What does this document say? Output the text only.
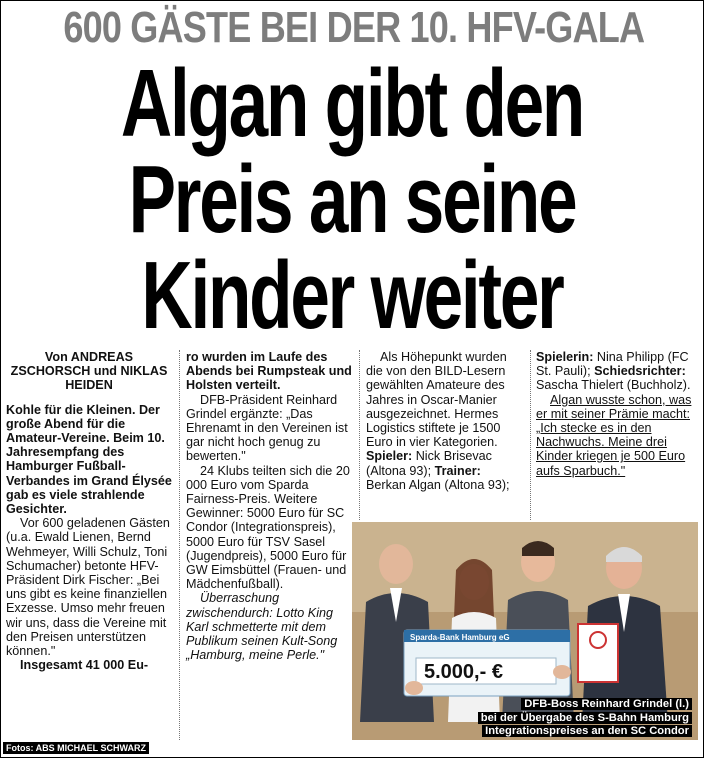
600 GÄSTE BEI DER 10. HFV-GALA
Algan gibt den
Preis an seine
Kinder weiter

Von ANDREAS ZSCHORSCH und NIKLAS HEIDEN

Kohle für die Kleinen. Der große Abend für die Amateur-Vereine. Beim 10. Jahresempfang des Hamburger Fußball-Verbandes im Grand Élysée gab es viele strahlende Gesichter.

Vor 600 geladenen Gästen (u.a. Ewald Lienen, Bernd Wehmeyer, Willi Schulz, Toni Schumacher) betonte HFV-Präsident Dirk Fischer: „Bei uns gibt es keine finanziellen Exzesse. Umso mehr freuen wir uns, dass die Vereine mit den Preisen unterstützen können."

Insgesamt 41 000 Eu-

ro wurden im Laufe des Abends bei Rumpsteak und Holsten verteilt.

DFB-Präsident Reinhard Grindel ergänzte: „Das Ehrenamt in den Vereinen ist gar nicht hoch genug zu bewerten."

24 Klubs teilten sich die 20 000 Euro vom Sparda Fairness-Preis. Weitere Gewinner: 5000 Euro für SC Condor (Integrationspreis), 5000 Euro für TSV Sasel (Jugendpreis), 5000 Euro für GW Eimsbüttel (Frauen- und Mädchenfußball).

Überraschung zwischendurch: Lotto King Karl schmetterte mit dem Publikum seinen Kult-Song „Hamburg, meine Perle."

Als Höhepunkt wurden die von den BILD-Lesern gewählten Amateure des Jahres in Oscar-Manier ausgezeichnet. Hermes Logistics stiftete je 1500 Euro in vier Kategorien. Spieler: Nick Brisevac (Altona 93); Trainer: Berkan Algan (Altona 93);

Spielerin: Nina Philipp (FC St. Pauli); Schiedsrichter: Sascha Thielert (Buchholz).

Algan wusste schon, was er mit seiner Prämie macht: „Ich stecke es in den Nachwuchs. Meine drei Kinder kriegen je 500 Euro aufs Sparbuch."

Sparda-Bank Hamburg eG
5.000,- €
DFB-Boss Reinhard Grindel (l.)
bei der Übergabe des S-Bahn Hamburg
Integrationspreises an den SC Condor
Fotos: ABS MICHAEL SCHWARZ
